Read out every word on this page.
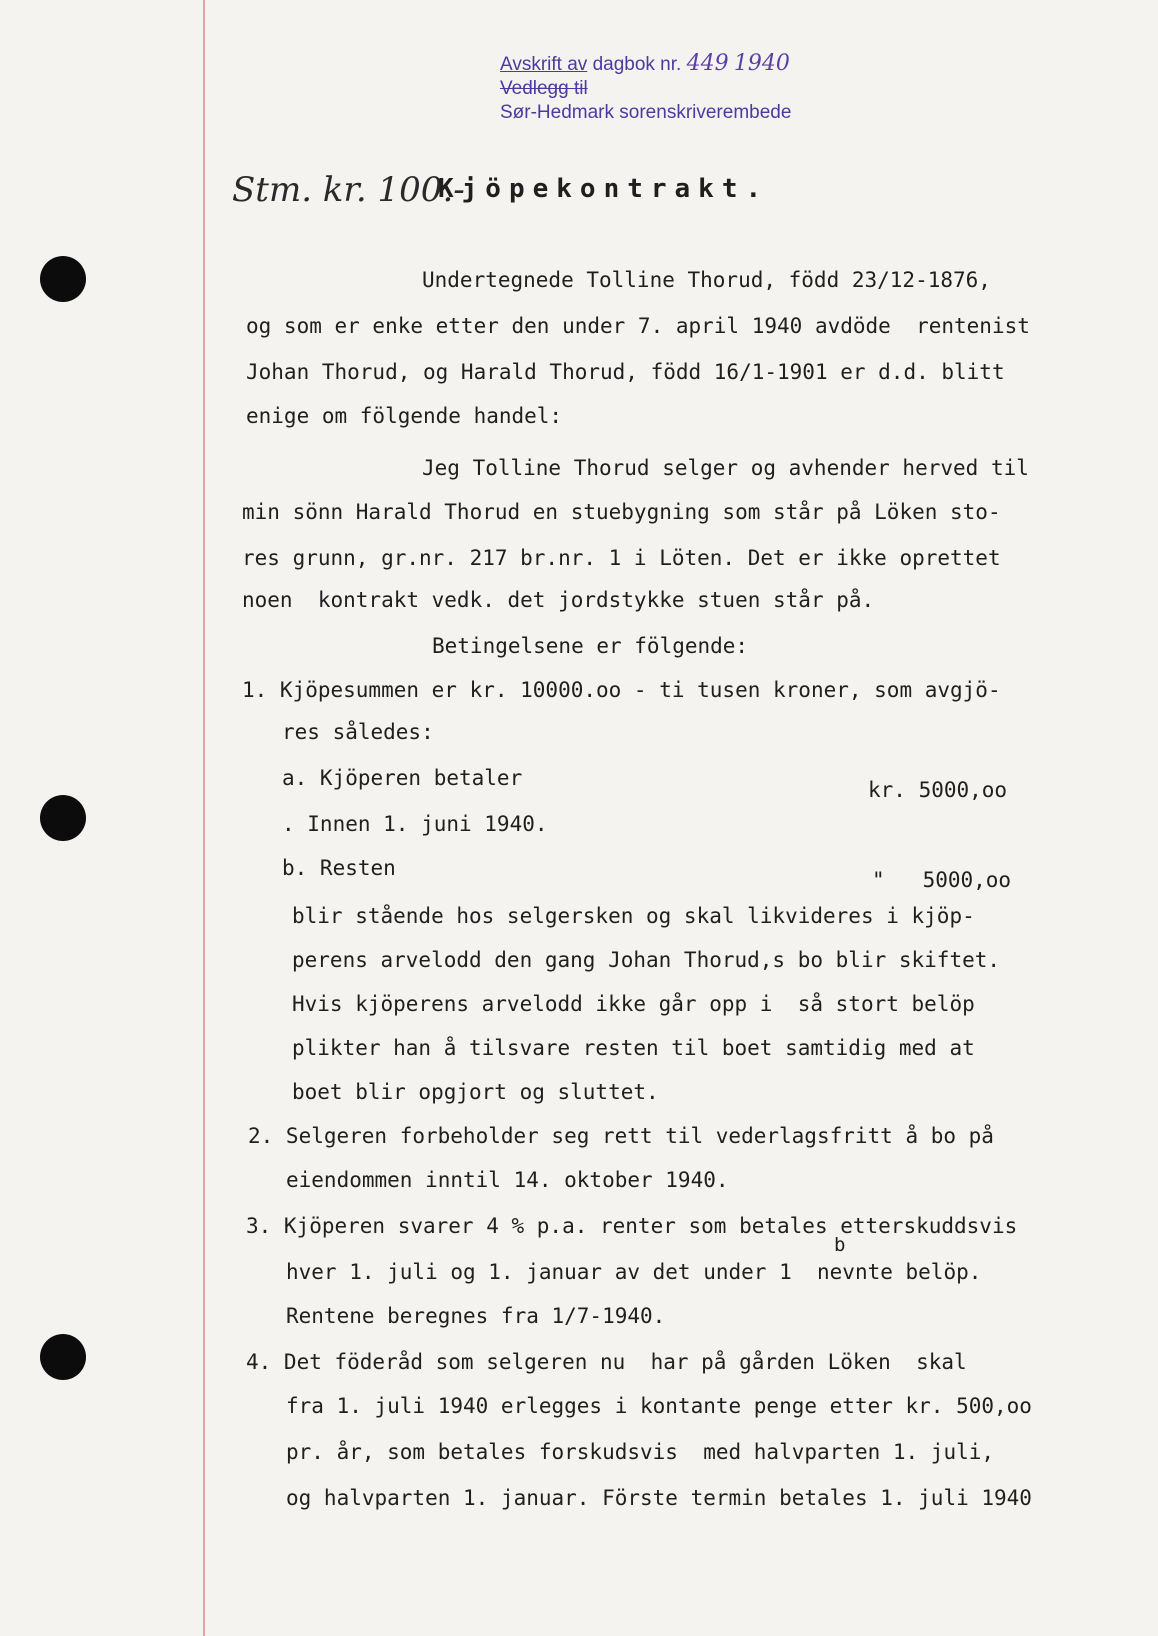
Avskrift av dagbok nr. 449 1940
Vedlegg til
Sør-Hedmark sorenskriverembede
Stm. kr. 100.-
Kjöpekontrakt.
Undertegnede Tolline Thorud, född 23/12-1876,
og som er enke etter den under 7. april 1940 avdöde  rentenist
Johan Thorud, og Harald Thorud, född 16/1-1901 er d.d. blitt
enige om fölgende handel:
Jeg Tolline Thorud selger og avhender herved til
min sönn Harald Thorud en stuebygning som står på Löken sto-
res grunn, gr.nr. 217 br.nr. 1 i Löten. Det er ikke oprettet
noen  kontrakt vedk. det jordstykke stuen står på.
Betingelsene er fölgende:
1. Kjöpesummen er kr. 10000.oo - ti tusen kroner, som avgjö-
res således:
a. Kjöperen betaler	kr. 5000,oo
. Innen 1. juni 1940.
b. Resten	"   5000,oo
blir stående hos selgersken og skal likvideres i kjöp-
perens arvelodd den gang Johan Thorud,s bo blir skiftet.
Hvis kjöperens arvelodd ikke går opp i  så stort belöp
plikter han å tilsvare resten til boet samtidig med at
boet blir opgjort og sluttet.
2. Selgeren forbeholder seg rett til vederlagsfritt å bo på
eiendommen inntil 14. oktober 1940.
3. Kjöperen svarer 4 % p.a. renter som betales etterskuddsvis
b
hver 1. juli og 1. januar av det under 1  nevnte belöp.
Rentene beregnes fra 1/7-1940.
4. Det föderåd som selgeren nu  har på gården Löken  skal
fra 1. juli 1940 erlegges i kontante penge etter kr. 500,oo
pr. år, som betales forskudsvis  med halvparten 1. juli,
og halvparten 1. januar. Förste termin betales 1. juli 1940
